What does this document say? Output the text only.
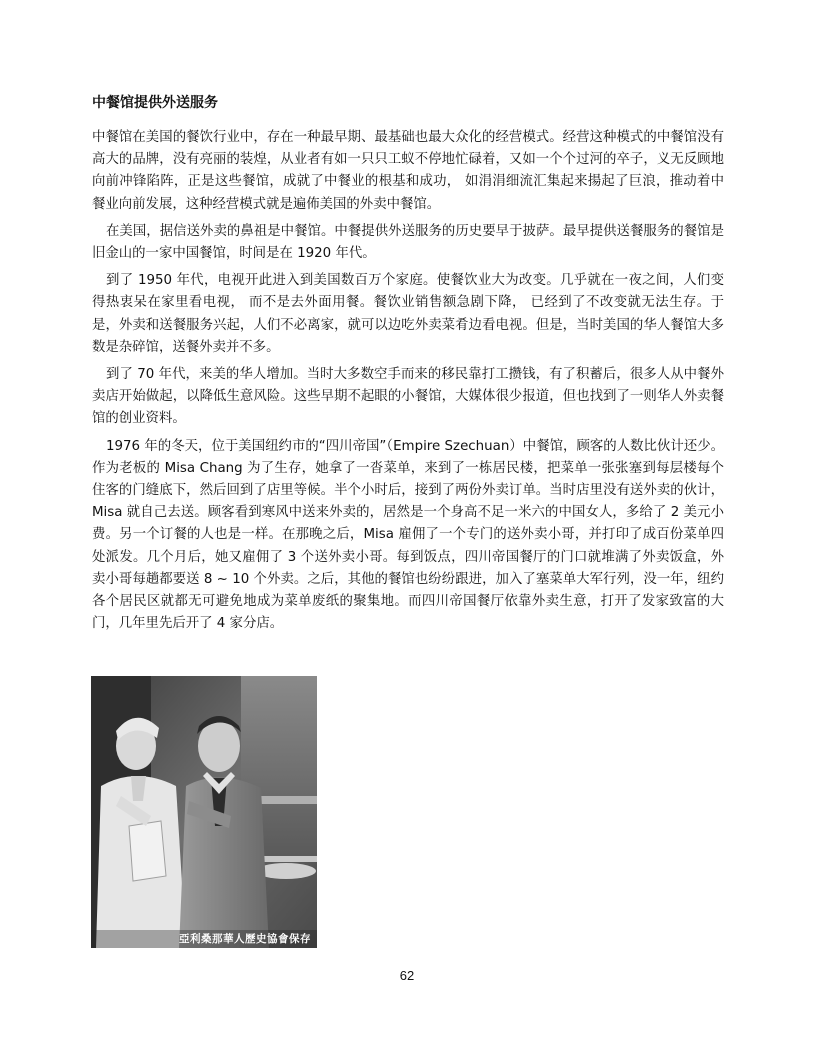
中餐馆提供外送服务

中餐馆在美国的餐饮行业中，存在一种最早期、最基础也最大众化的经营模式。经营这种模式的中餐馆没有高大的品牌，没有亮丽的装煌，从业者有如一只只工蚁不停地忙碌着，又如一个个过河的卒子，义无反顾地向前冲锋陷阵，正是这些餐馆，成就了中餐业的根基和成功， 如涓涓细流汇集起来揚起了巨浪，推动着中餐业向前发展，这种经营模式就是遍佈美国的外卖中餐馆。

在美国，据信送外卖的鼻祖是中餐馆。中餐提供外送服务的历史要早于披萨。最早提供送餐服务的餐馆是旧金山的一家中国餐馆，时间是在 1920 年代。

到了 1950 年代，电视开此进入到美国数百万个家庭。使餐饮业大为改变。几乎就在一夜之间，人们变得热衷呆在家里看电视， 而不是去外面用餐。餐饮业销售额急剧下降， 已经到了不改变就无法生存。于是，外卖和送餐服务兴起，人们不必离家，就可以边吃外卖菜肴边看电视。但是，当时美国的华人餐馆大多数是杂碎馆，送餐外卖并不多。

到了 70 年代，来美的华人增加。当时大多数空手而来的移民靠打工攒钱，有了积蓄后，很多人从中餐外卖店开始做起，以降低生意风险。这些早期不起眼的小餐馆，大媒体很少报道，但也找到了一则华人外卖餐馆的创业资料。

1976 年的冬天，位于美国纽约市的“四川帝国”（Empire Szechuan）中餐馆，顾客的人数比伙计还少。作为老板的 Misa Chang 为了生存，她拿了一沓菜单，来到了一栋居民楼，把菜单一张张塞到每层楼每个住客的门缝底下，然后回到了店里等候。半个小时后，接到了两份外卖订单。当时店里没有送外卖的伙计，Misa 就自己去送。顾客看到寒风中送来外卖的，居然是一个身高不足一米六的中国女人，多给了 2 美元小费。另一个订餐的人也是一样。在那晚之后，Misa 雇佣了一个专门的送外卖小哥，并打印了成百份菜单四处派发。几个月后，她又雇佣了 3 个送外卖小哥。每到饭点，四川帝国餐厅的门口就堆满了外卖饭盒，外卖小哥每趟都要送 8 ~ 10 个外卖。之后，其他的餐馆也纷纷跟进，加入了塞菜单大军行列，没一年，纽约各个居民区就都无可避免地成为菜单废纸的聚集地。而四川帝国餐厅依靠外卖生意，打开了发家致富的大门，几年里先后开了 4 家分店。

亞利桑那華人歷史協會保存
62
